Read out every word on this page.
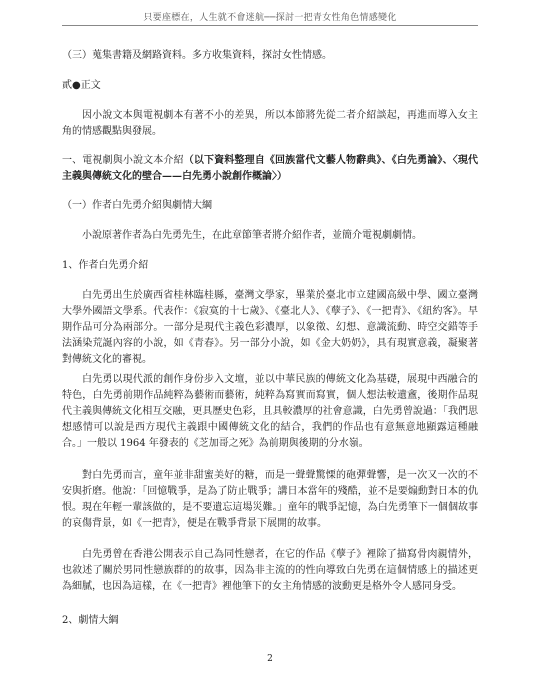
只要座標在，人生就不會迷航──探討一把青女性角色情感變化

（三）蒐集書籍及網路資料。多方收集資料，探討女性情感。

貳●正文

因小說文本與電視劇本有著不小的差異，所以本節將先從二者介紹談起，再進而導入女主角的情感觀點與發展。

一、電視劇與小說文本介紹（以下資料整理自《回族當代文藝人物辭典》、《白先勇論》、〈現代主義與傳統文化的壁合——白先勇小說創作概論〉）

（一）作者白先勇介紹與劇情大綱

小說原著作者為白先勇先生，在此章節筆者將介紹作者，並簡介電視劇劇情。

1、作者白先勇介紹

白先勇出生於廣西省桂林臨桂縣，臺灣文學家，畢業於臺北市立建國高級中學、國立臺灣大學外國語文學系。代表作：《寂寞的十七歲》、《臺北人》、《孽子》、《一把青》、《紐約客》。早期作品可分為兩部分。一部分是現代主義色彩濃厚，以象徵、幻想、意識流動、時空交錯等手法涵染荒誕內容的小說，如《青春》。另一部分小說，如《金大奶奶》，具有現實意義，凝聚著對傳統文化的審視。

白先勇以現代派的創作身份步入文壇，並以中華民族的傳統文化為基礎，展現中西融合的特色，白先勇前期作品純粹為藝術而藝術，純粹為寫實而寫實，個人想法較遺盦，後期作品現代主義與傳統文化相互交融，更具歷史色彩，且具較濃厚的社會意識，白先勇曾說過：「我們思想感情可以說是西方現代主義跟中國傳統文化的結合，我們的作品也有意無意地顯露這種融合。」一般以 1964 年發表的《芝加哥之死》為前期與後期的分水嶺。

對白先勇而言，童年並非甜蜜美好的糖，而是一聲聲驚慄的砲彈聲響，是一次又一次的不安與折磨。他說：「回憶戰爭，是為了防止戰爭；講日本當年的殘酷，並不是要煽動對日本的仇恨。現在年輕一輩該做的，是不要遺忘這場災難。」童年的戰爭記憶，為白先勇筆下一個個故事的哀傷背景，如《一把青》，便是在戰爭背景下展開的故事。

白先勇曾在香港公開表示自己為同性戀者，在它的作品《孽子》裡除了描寫骨肉親情外，也敘述了關於男同性戀族群的的故事，因為非主流的的性向導致白先勇在這個情感上的描述更為細膩，也因為這樣，在《一把青》裡他筆下的女主角情感的波動更是格外令人感同身受。

2、劇情大綱

2
